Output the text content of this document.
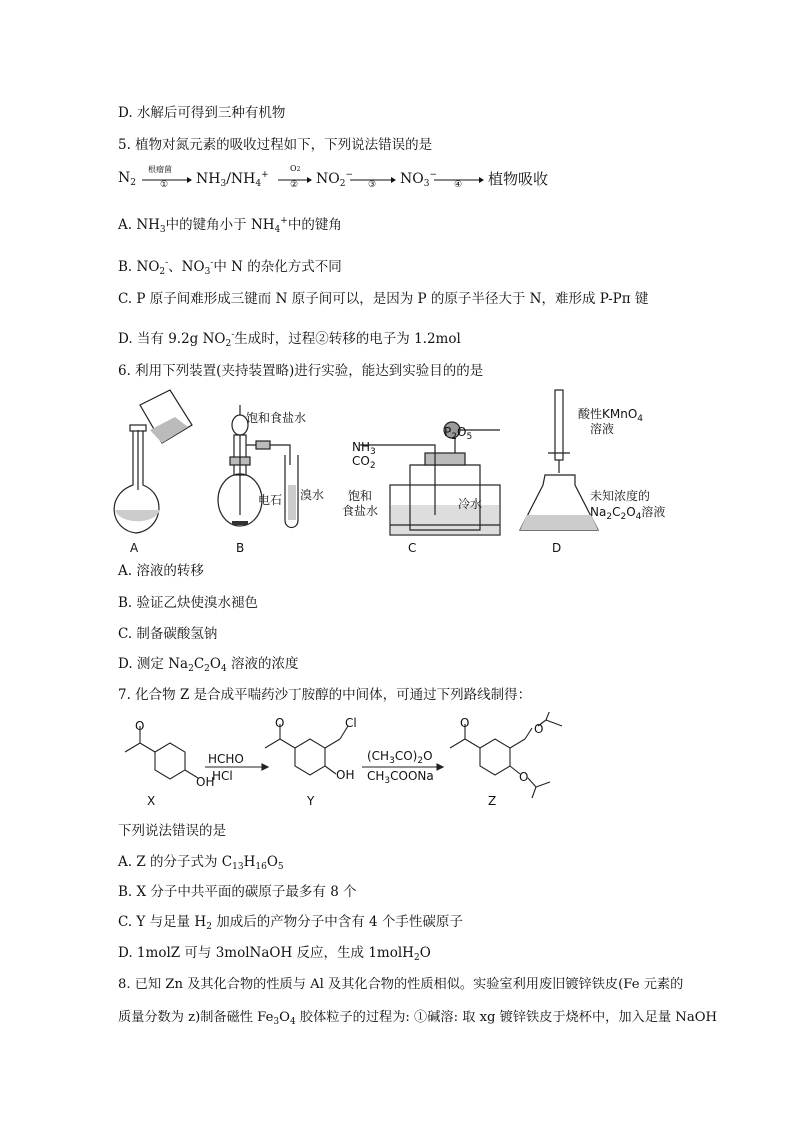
D. 水解后可得到三种有机物
5. 植物对氮元素的吸收过程如下，下列说法错误的是
$N_2$
根瘤菌
① $NH_3/NH_4^+$
O2
② $NO_2^-$
③ $NO_3^-$
④ 植物吸收
A. $NH_3$中的键角小于 $NH_4^+$中的键角
B. $NO_2^-$、$NO_3^-$中 N 的杂化方式不同
C. P 原子间难形成三键而 N 原子间可以，是因为 P 的原子半径大于 N，难形成 P-Pπ 键
D. 当有 9.2g $NO_2^-$生成时，过程②转移的电子为 1.2mol
6. 利用下列装置(夹持装置略)进行实验，能达到实验目的的是
A
饱和食盐水
电石 溴水
B
$NH_3$
$CO_2$
$P_2O_5$
饱和
食盐水	冷水
C
酸性KMnO$_4$
溶液
未知浓度的
$Na_2C_2O_4$溶液
D
A. 溶液的转移
B. 验证乙炔使溴水褪色
C. 制备碳酸氢钠
D. 测定 $Na_2C_2O_4$ 溶液的浓度
7. 化合物 Z 是合成平喘药沙丁胺醇的中间体，可通过下列路线制得：
O
OH
X
HCHO
HCl
O	Cl
OH
Y
$(CH_3CO)_2O$
$CH_3COONa$
O	O
O
Z
下列说法错误的是
A. Z 的分子式为 $C_{13}H_{16}O_5$
B. X 分子中共平面的碳原子最多有 8 个
C. Y 与足量 $H_2$ 加成后的产物分子中含有 4 个手性碳原子
D. 1molZ 可与 3molNaOH 反应，生成 1molH$_2$O
8. 已知 Zn 及其化合物的性质与 Al 及其化合物的性质相似。实验室利用废旧镀锌铁皮(Fe 元素的
质量分数为 z)制备磁性 $Fe_3O_4$ 胶体粒子的过程为: ①碱溶: 取 xg 镀锌铁皮于烧杯中，加入足量 NaOH
